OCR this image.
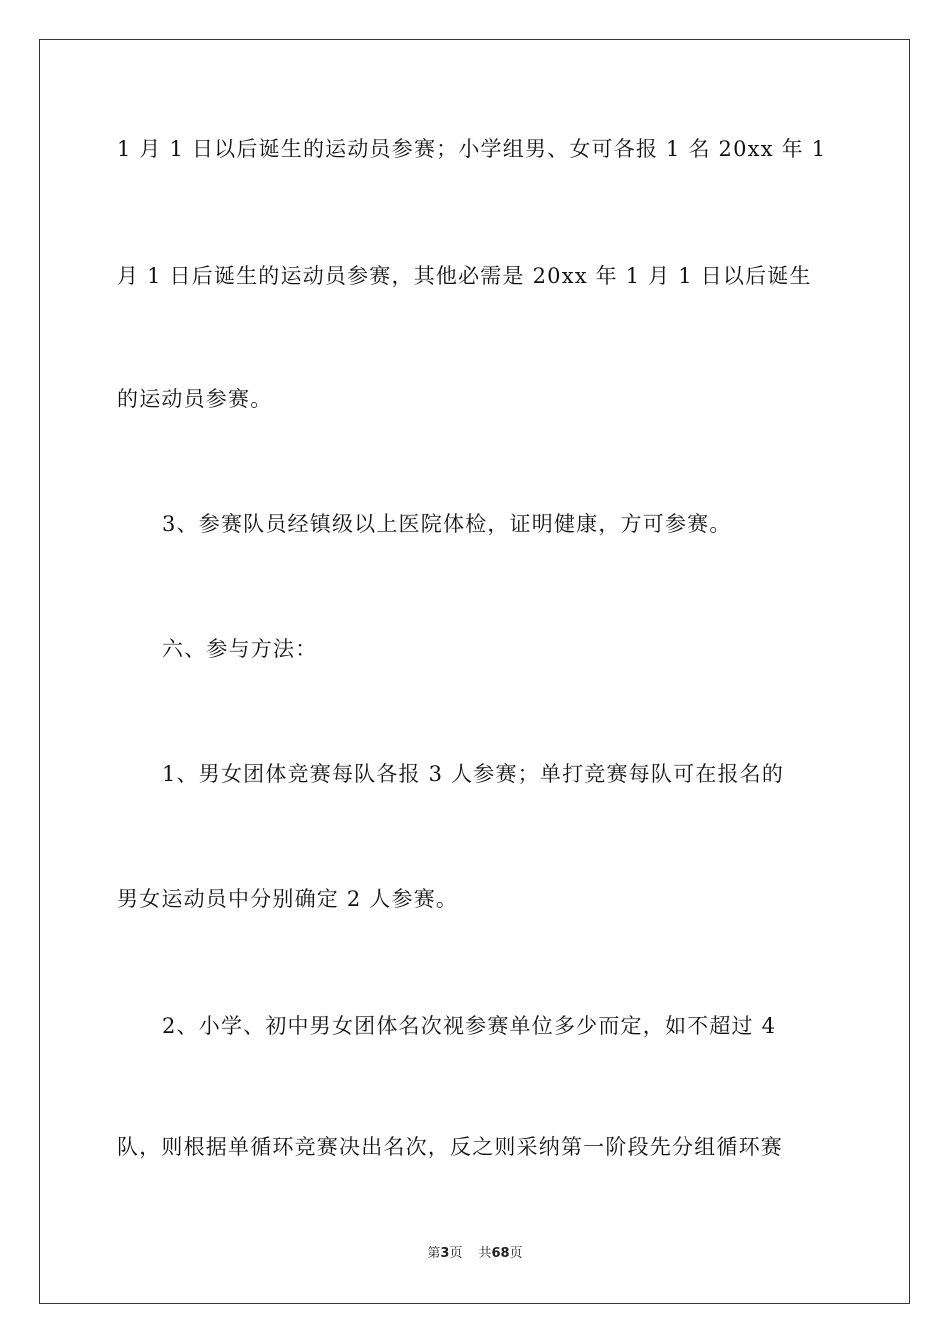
1 月 1 日以后诞生的运动员参赛；小学组男、女可各报 1 名 20xx 年 1
月 1 日后诞生的运动员参赛，其他必需是 20xx 年 1 月 1 日以后诞生
的运动员参赛。
3、参赛队员经镇级以上医院体检，证明健康，方可参赛。
六、参与方法：
1、男女团体竞赛每队各报 3 人参赛；单打竞赛每队可在报名的
男女运动员中分别确定 2 人参赛。
2、小学、初中男女团体名次视参赛单位多少而定，如不超过 4
队，则根据单循环竞赛决出名次，反之则采纳第一阶段先分组循环赛
第3页 共68页
